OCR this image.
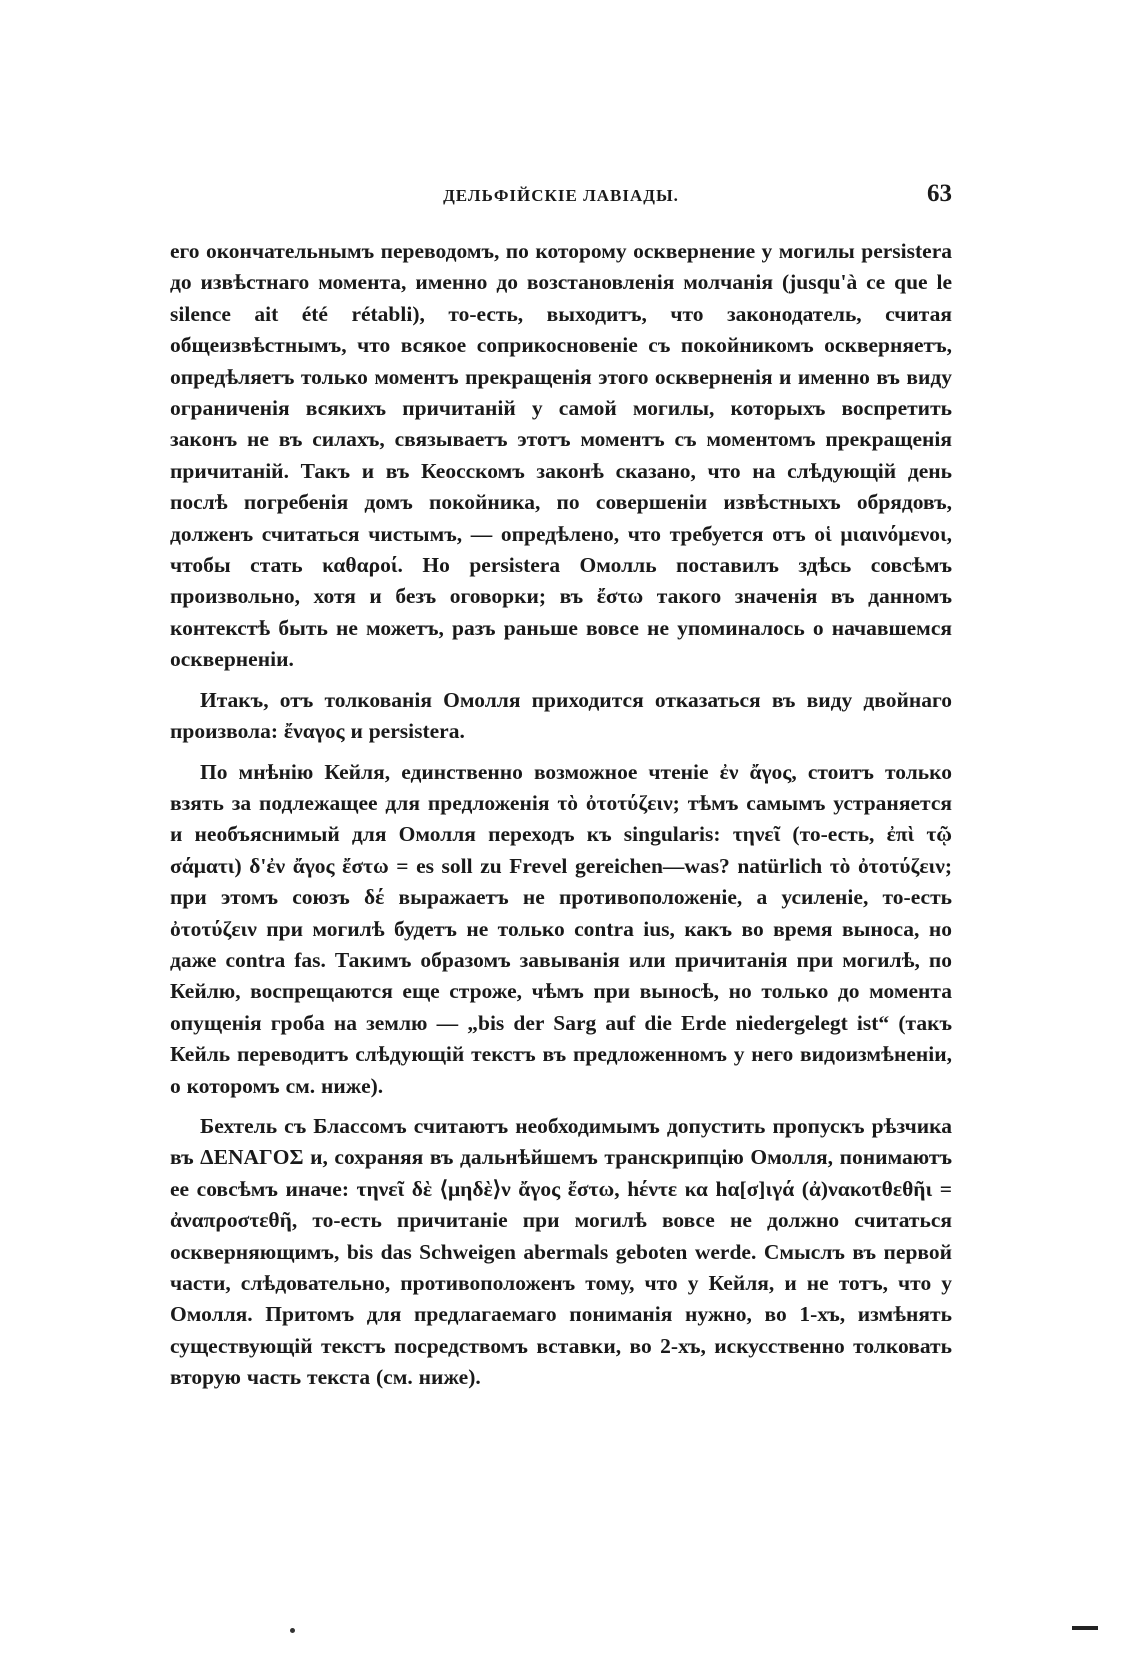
ДЕЛЬФІЙСКІЕ ЛАВІАДЫ.	63

его окончательнымъ переводомъ, по которому осквернение у могилы persistera до извѣстнаго момента, именно до возстановленія молчанія (jusqu'à ce que le silence ait été rétabli), то-есть, выходитъ, что законодатель, считая общеизвѣстнымъ, что всякое соприкосновеніе съ покойникомъ оскверняетъ, опредѣляетъ только моментъ прекращенія этого оскверненія и именно въ виду ограниченія всякихъ причитаній у самой могилы, которыхъ воспретить законъ не въ силахъ, связываетъ этотъ моментъ съ моментомъ прекращенія причитаній. Такъ и въ Кеосскомъ законѣ сказано, что на слѣдующій день послѣ погребенія домъ покойника, по совершеніи извѣстныхъ обрядовъ, долженъ считаться чистымъ, — опредѣлено, что требуется отъ οἱ μιαινόμενοι, чтобы стать καθαροί. Но persistera Омолль поставилъ здѣсь совсѣмъ произвольно, хотя и безъ оговорки; въ ἔστω такого значенія въ данномъ контекстѣ быть не можетъ, разъ раньше вовсе не упоминалось о начавшемся оскверненіи.

Итакъ, отъ толкованія Омолля приходится отказаться въ виду двойнаго произвола: ἔναγος и persistera.

По мнѣнію Кейля, единственно возможное чтеніе ἐν ἄγος, стоитъ только взять за подлежащее для предложенія τὸ ὀτοτύζειν; тѣмъ самымъ устраняется и необъяснимый для Омолля переходъ къ singularis: τηνεῖ (то-есть, ἐπὶ τῷ σάματι) δ'ἐν ἄγος ἔστω = es soll zu Frevel gereichen—was? natürlich τὸ ὀτοτύζειν; при этомъ союзъ δέ выражаетъ не противоположеніе, а усиленіе, то-есть ὀτοτύζειν при могилѣ будетъ не только contra ius, какъ во время выноса, но даже contra fas. Такимъ образомъ завыванія или причитанія при могилѣ, по Кейлю, воспрещаются еще строже, чѣмъ при выносѣ, но только до момента опущенія гроба на землю — „bis der Sarg auf die Erde niedergelegt ist“ (такъ Кейль переводитъ слѣдующій текстъ въ предложенномъ у него видоизмѣненіи, о которомъ см. ниже).

Бехтель съ Блассомъ считаютъ необходимымъ допустить пропускъ рѣзчика въ ΔΕΝΑΓΟΣ и, сохраняя въ дальнѣйшемъ транскрипцію Омолля, понимаютъ ее совсѣмъ иначе: τηνεῖ δὲ ⟨μηδὲ⟩ν ἄγος ἔστω, hέντε κα hα[σ]ιγά (ἀ)νακοτθεθῆι = ἀναπροστεθῆ, то-есть причитаніе при могилѣ вовсе не должно считаться оскверняющимъ, bis das Schweigen abermals geboten werde. Смыслъ въ первой части, слѣдовательно, противоположенъ тому, что у Кейля, и не тотъ, что у Омолля. Притомъ для предлагаемаго пониманія нужно, во 1-хъ, измѣнять существующій текстъ посредствомъ вставки, во 2-хъ, искусственно толковать вторую часть текста (см. ниже).
